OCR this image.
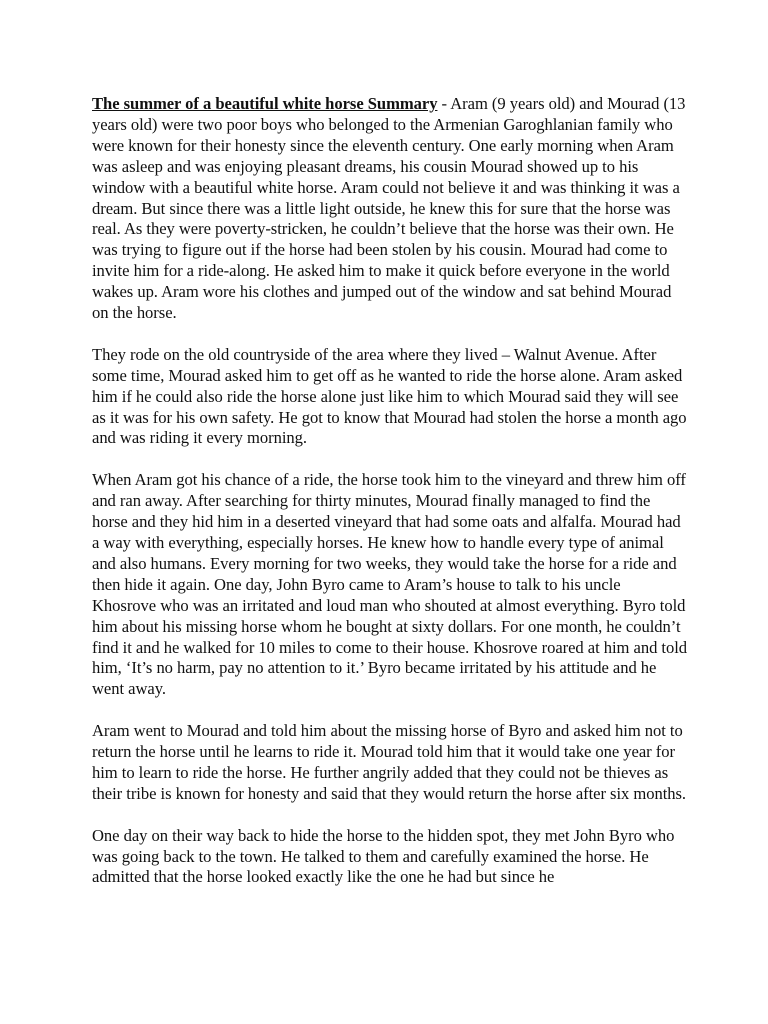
The summer of a beautiful white horse Summary - Aram (9 years old) and Mourad (13 years old) were two poor boys who belonged to the Armenian Garoghlanian family who were known for their honesty since the eleventh century. One early morning when Aram was asleep and was enjoying pleasant dreams, his cousin Mourad showed up to his window with a beautiful white horse. Aram could not believe it and was thinking it was a dream. But since there was a little light outside, he knew this for sure that the horse was real. As they were poverty-stricken, he couldn’t believe that the horse was their own. He was trying to figure out if the horse had been stolen by his cousin. Mourad had come to invite him for a ride-along. He asked him to make it quick before everyone in the world wakes up. Aram wore his clothes and jumped out of the window and sat behind Mourad on the horse.

They rode on the old countryside of the area where they lived – Walnut Avenue. After some time, Mourad asked him to get off as he wanted to ride the horse alone. Aram asked him if he could also ride the horse alone just like him to which Mourad said they will see as it was for his own safety. He got to know that Mourad had stolen the horse a month ago and was riding it every morning.

When Aram got his chance of a ride, the horse took him to the vineyard and threw him off and ran away. After searching for thirty minutes, Mourad finally managed to find the horse and they hid him in a deserted vineyard that had some oats and alfalfa. Mourad had a way with everything, especially horses. He knew how to handle every type of animal and also humans. Every morning for two weeks, they would take the horse for a ride and then hide it again. One day, John Byro came to Aram’s house to talk to his uncle Khosrove who was an irritated and loud man who shouted at almost everything. Byro told him about his missing horse whom he bought at sixty dollars. For one month, he couldn’t find it and he walked for 10 miles to come to their house. Khosrove roared at him and told him, ‘It’s no harm, pay no attention to it.’ Byro became irritated by his attitude and he went away.

Aram went to Mourad and told him about the missing horse of Byro and asked him not to return the horse until he learns to ride it. Mourad told him that it would take one year for him to learn to ride the horse. He further angrily added that they could not be thieves as their tribe is known for honesty and said that they would return the horse after six months.

One day on their way back to hide the horse to the hidden spot, they met John Byro who was going back to the town. He talked to them and carefully examined the horse. He admitted that the horse looked exactly like the one he had but since he
